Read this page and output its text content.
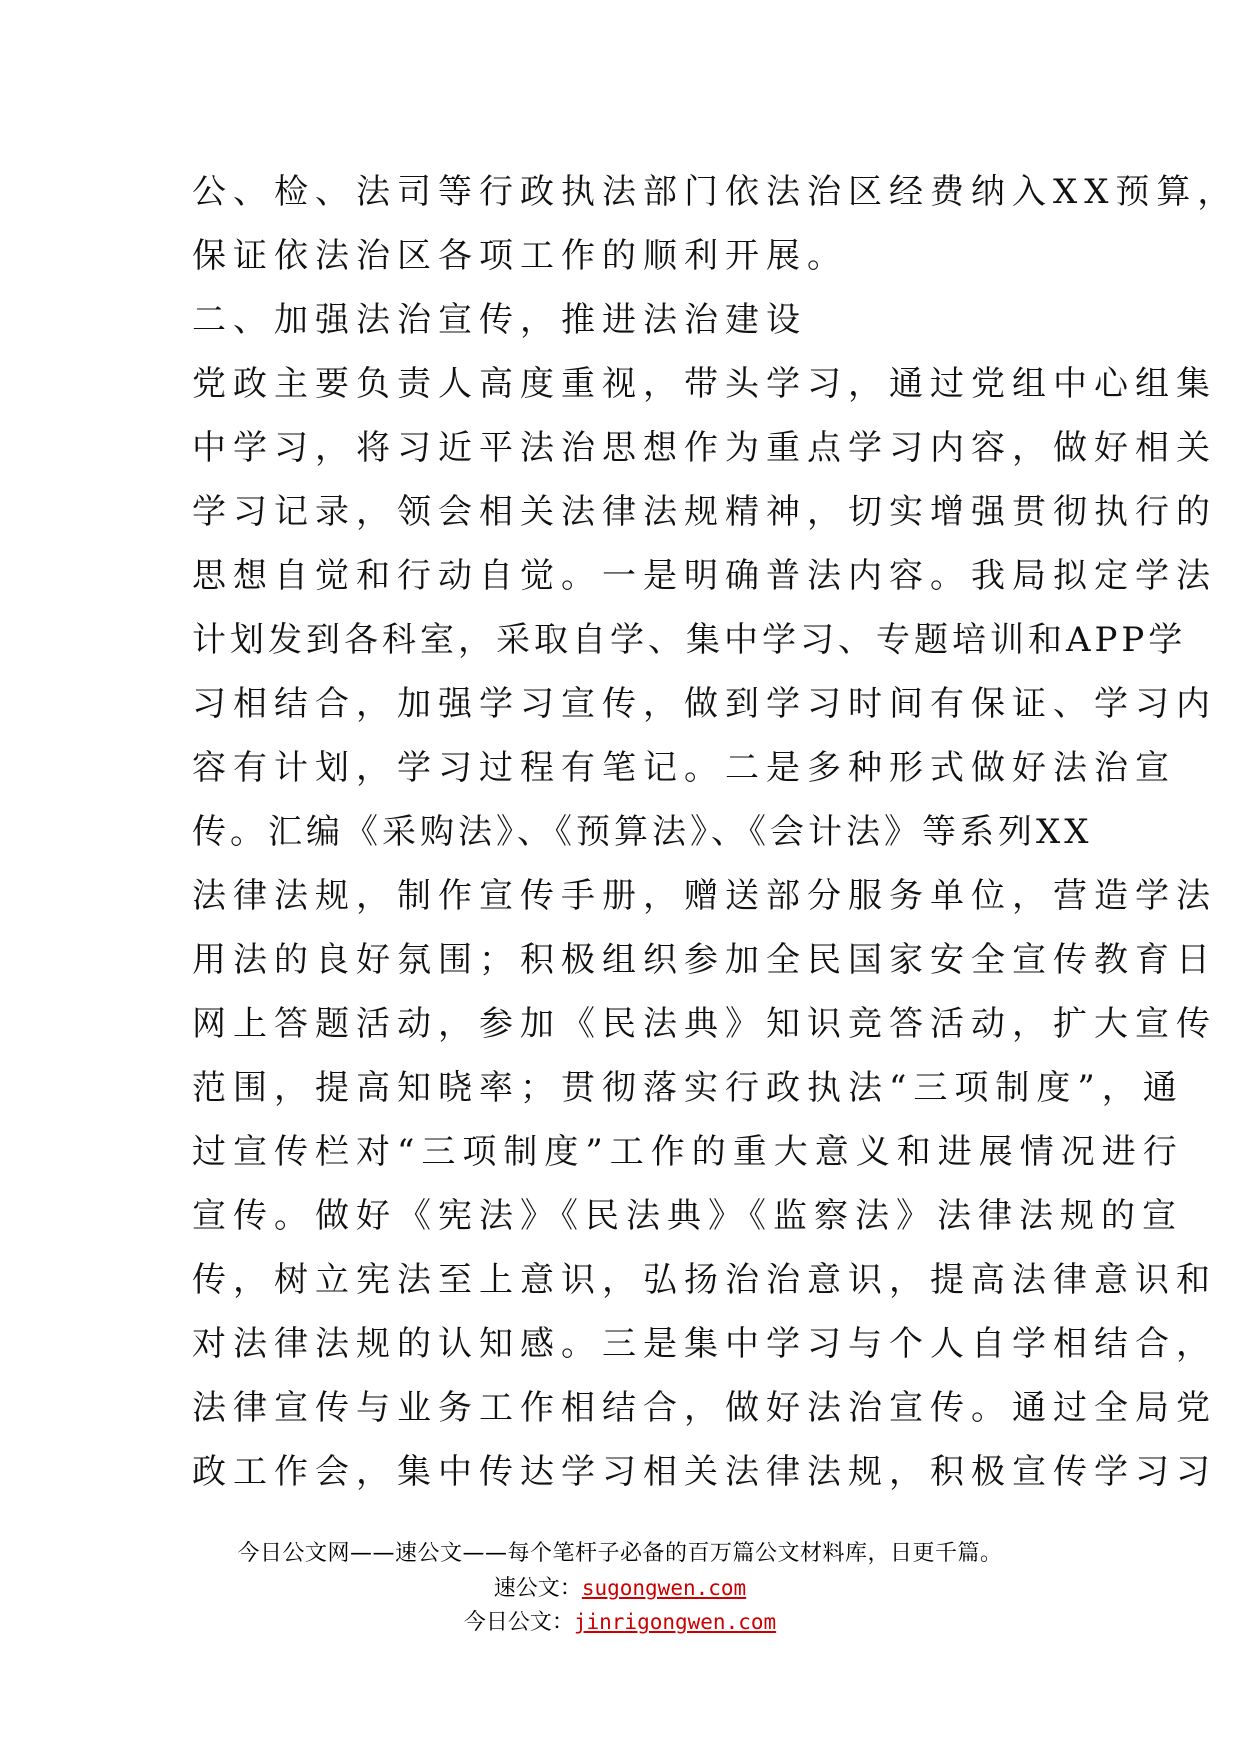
公、检、法司等行政执法部门依法治区经费纳入XX预算，
保证依法治区各项工作的顺利开展。
二、加强法治宣传，推进法治建设
党政主要负责人高度重视，带头学习，通过党组中心组集
中学习，将习近平法治思想作为重点学习内容，做好相关
学习记录，领会相关法律法规精神，切实增强贯彻执行的
思想自觉和行动自觉。一是明确普法内容。我局拟定学法
计划发到各科室，采取自学、集中学习、专题培训和APP学
习相结合，加强学习宣传，做到学习时间有保证、学习内
容有计划，学习过程有笔记。二是多种形式做好法治宣
传。汇编《采购法》、《预算法》、《会计法》等系列XX
法律法规，制作宣传手册，赠送部分服务单位，营造学法
用法的良好氛围；积极组织参加全民国家安全宣传教育日
网上答题活动，参加《民法典》知识竞答活动，扩大宣传
范围，提高知晓率；贯彻落实行政执法“三项制度”，通
过宣传栏对“三项制度”工作的重大意义和进展情况进行
宣传。做好《宪法》《民法典》《监察法》法律法规的宣
传，树立宪法至上意识，弘扬治治意识，提高法律意识和
对法律法规的认知感。三是集中学习与个人自学相结合，
法律宣传与业务工作相结合，做好法治宣传。通过全局党
政工作会，集中传达学习相关法律法规，积极宣传学习习
今日公文网——速公文——每个笔杆子必备的百万篇公文材料库，日更千篇。
速公文：sugongwen.com
今日公文：jinrigongwen.com
